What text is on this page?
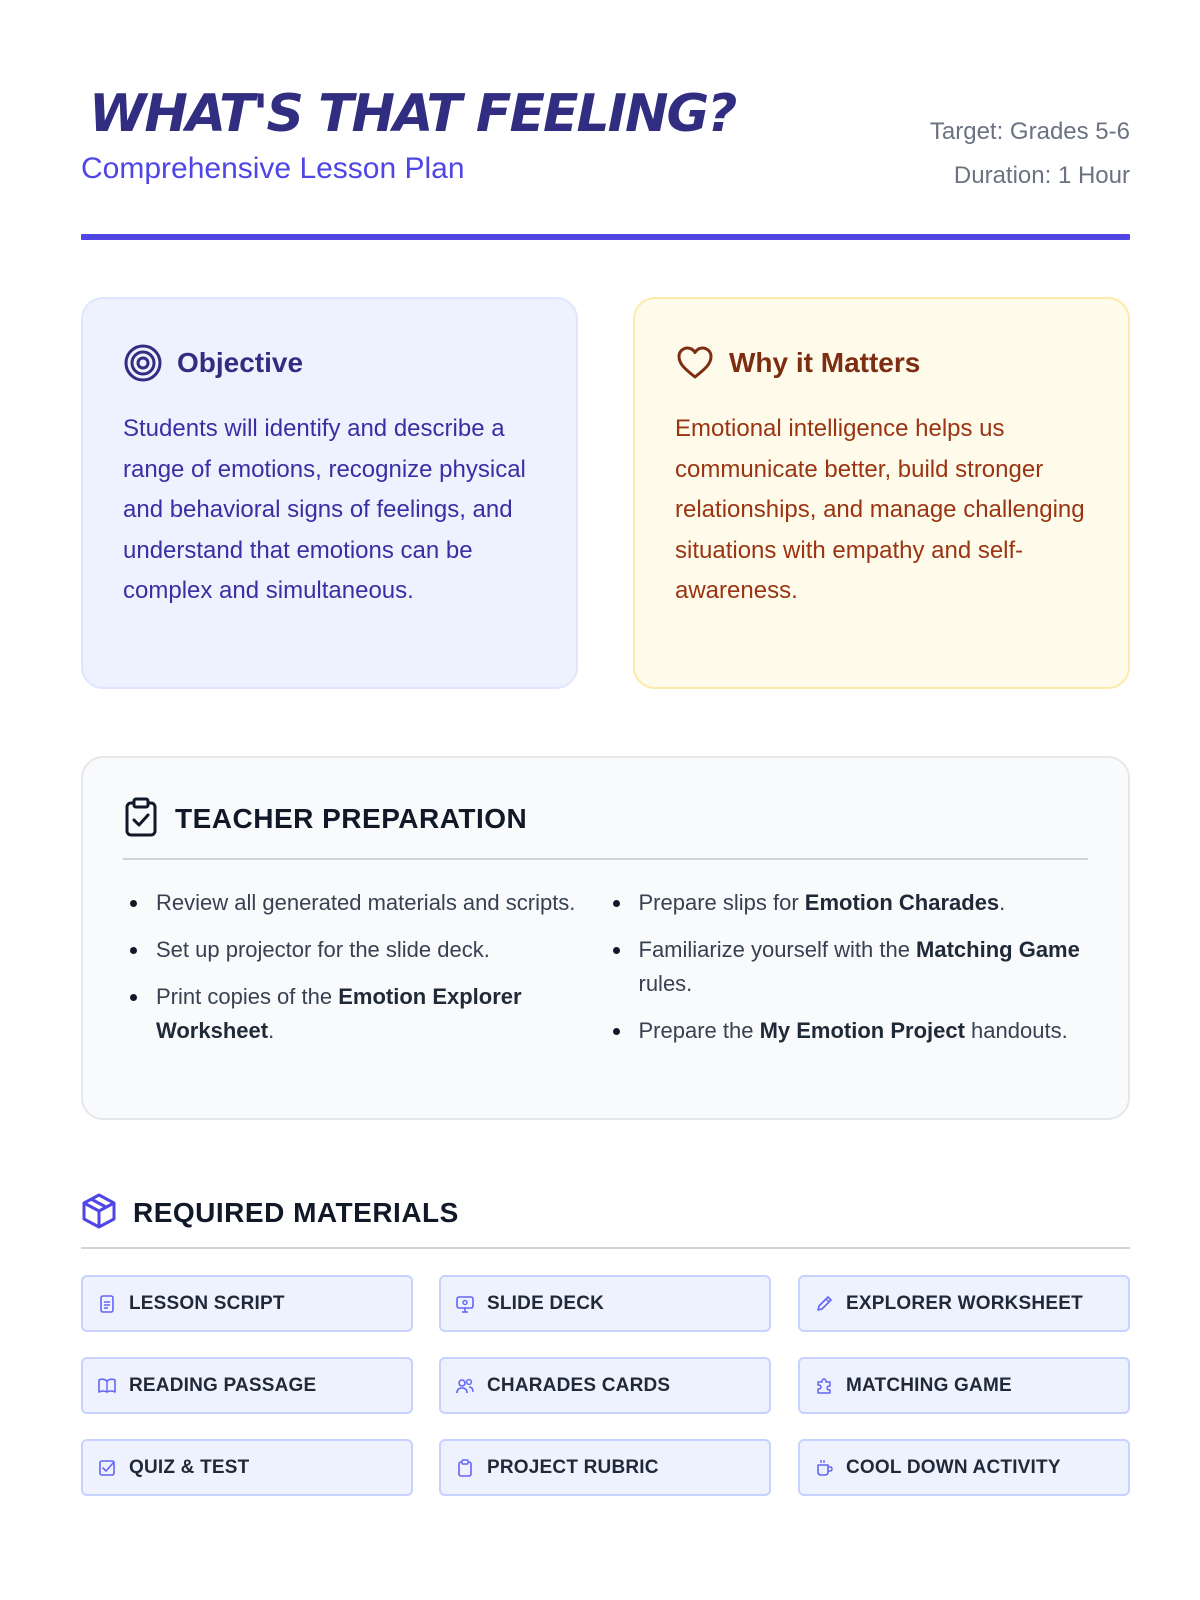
WHAT'S THAT FEELING?
Comprehensive Lesson Plan
Target: Grades 5-6
Duration: 1 Hour
Objective
Students will identify and describe a range of emotions, recognize physical and behavioral signs of feelings, and understand that emotions can be complex and simultaneous.
Why it Matters
Emotional intelligence helps us communicate better, build stronger relationships, and manage challenging situations with empathy and self-awareness.
TEACHER PREPARATION
Review all generated materials and scripts.
Set up projector for the slide deck.
Print copies of the Emotion Explorer Worksheet.
Prepare slips for Emotion Charades.
Familiarize yourself with the Matching Game rules.
Prepare the My Emotion Project handouts.
REQUIRED MATERIALS
LESSON SCRIPT	SLIDE DECK	EXPLORER WORKSHEET
READING PASSAGE	CHARADES CARDS	MATCHING GAME
QUIZ & TEST	PROJECT RUBRIC	COOL DOWN ACTIVITY
